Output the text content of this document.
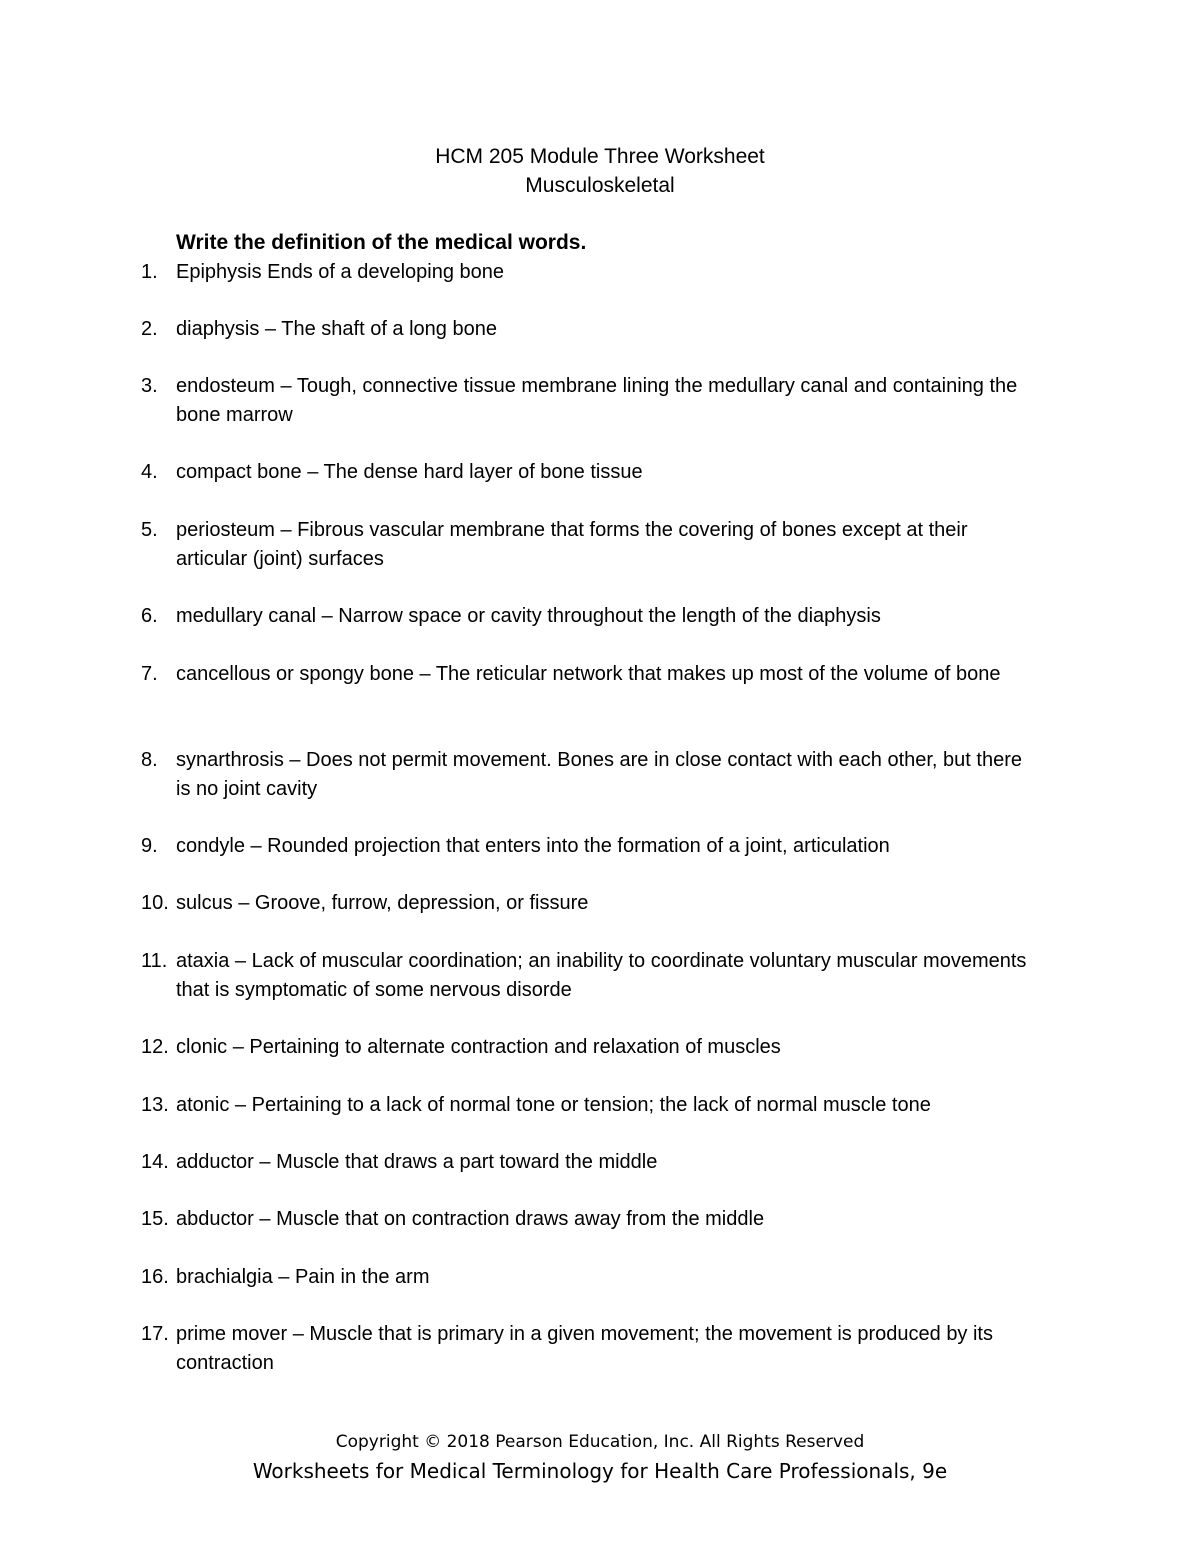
HCM 205 Module Three Worksheet
Musculoskeletal
Write the definition of the medical words.
1. Epiphysis Ends of a developing bone
2. diaphysis – The shaft of a long bone
3. endosteum – Tough, connective tissue membrane lining the medullary canal and containing the bone marrow
4. compact bone – The dense hard layer of bone tissue
5. periosteum – Fibrous vascular membrane that forms the covering of bones except at their articular (joint) surfaces
6. medullary canal – Narrow space or cavity throughout the length of the diaphysis
7. cancellous or spongy bone – The reticular network that makes up most of the volume of bone
8. synarthrosis – Does not permit movement. Bones are in close contact with each other, but there is no joint cavity
9. condyle – Rounded projection that enters into the formation of a joint, articulation
10. sulcus – Groove, furrow, depression, or fissure
11. ataxia – Lack of muscular coordination; an inability to coordinate voluntary muscular movements that is symptomatic of some nervous disorde
12. clonic – Pertaining to alternate contraction and relaxation of muscles
13. atonic – Pertaining to a lack of normal tone or tension; the lack of normal muscle tone
14. adductor – Muscle that draws a part toward the middle
15. abductor – Muscle that on contraction draws away from the middle
16. brachialgia – Pain in the arm
17. prime mover – Muscle that is primary in a given movement; the movement is produced by its contraction
Copyright © 2018 Pearson Education, Inc. All Rights Reserved
Worksheets for Medical Terminology for Health Care Professionals, 9e
